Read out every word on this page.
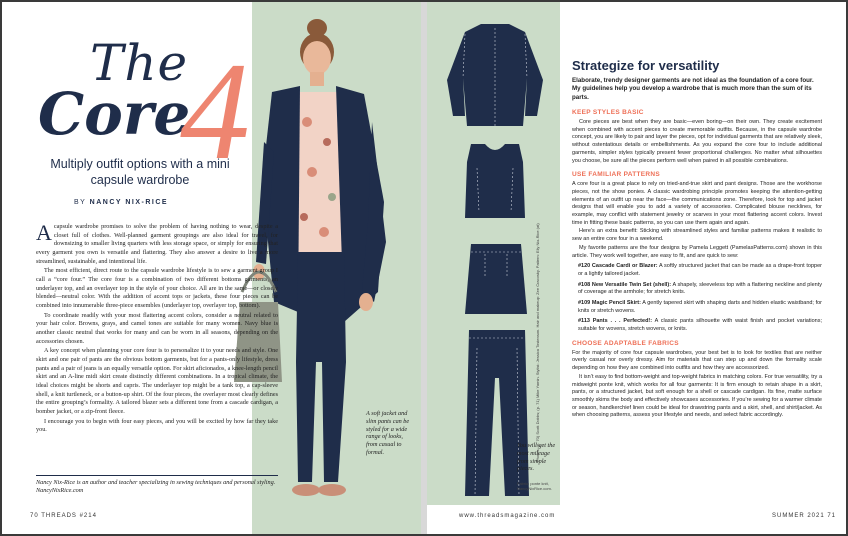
The
Core
4
Multiply outfit options with a mini capsule wardrobe
BY NANCY NIX-RICE

Acapsule wardrobe promises to solve the problem of having nothing to wear, despite a closet full of clothes. Well-planned garment groupings are also ideal for travel, for downsizing to smaller living quarters with less storage space, or simply for ensuring that every garment you own is versatile and flattering. They also answer a desire to live a more streamlined, sustainable, and intentional life.

The most efficient, direct route to the capsule wardrobe lifestyle is to sew a garment group I call a “core four.” The core four is a combination of two different bottoms garments, an underlayer top, and an overlayer top in the style of your choice. All are in the same—or closely blended—neutral color. With the addition of accent tops or jackets, these four pieces can be combined into innumerable three-piece ensembles (underlayer top, overlayer top, bottom).

To coordinate readily with your most flattering accent colors, consider a neutral related to your hair color. Browns, grays, and camel tones are suitable for many women. Navy blue is another classic neutral that works for many and can be worn in all seasons, depending on the accessories chosen.

A key concept when planning your core four is to personalize it to your needs and style. One skirt and one pair of pants are the obvious bottom garments, but for a pants-only lifestyle, dress pants and a pair of jeans is an equally versatile option. For skirt aficionados, a knee-length pencil skirt and an A-line midi skirt create distinctly different combinations. In a tropical climate, the ideal choices might be shorts and capris. The underlayer top might be a tank top, a cap-sleeve shell, a knit turtleneck, or a button-up shirt. Of the four pieces, the overlayer most clearly defines the entire grouping’s formality. A tailored blazer sets a different tone from a cascade cardigan, a bomber jacket, or a zip-front fleece.

I encourage you to begin with four easy pieces, and you will be excited by how far they take you.

Nancy Nix-Rice is an author and teacher specializing in sewing techniques and personal styling. NancyNixRice.com
A soft jacket and slim pants can be styled for a wide range of looks, from casual to formal.
70 THREADS #214
Photos: (p. 70) Scott Dobbs; (p. 71) Mike Yamin. Stylist: Jessica Tostenson. Hair and makeup: Zee Cracosky. Pattern: Elly Nix-Rice (at)
You will get the most mileage from simple pieces.
Fabric: ponte knit, NancyNixRice.com.
Strategize for versatility
Elaborate, trendy designer garments are not ideal as the foundation of a core four. My guidelines help you develop a wardrobe that is much more than the sum of its parts.
KEEP STYLES BASIC

Core pieces are best when they are basic—even boring—on their own. They create excitement when combined with accent pieces to create memorable outfits. Because, in the capsule wardrobe concept, you are likely to pair and layer the pieces, opt for individual garments that are relatively sleek, without ostentatious details or embellishments. As you expand the core four to include additional garments, simpler styles typically present fewer proportional challenges. No matter what silhouettes you choose, be sure all the pieces perform well when paired in all possible combinations.

USE FAMILIAR PATTERNS

A core four is a great place to rely on tried-and-true skirt and pant designs. Those are the workhorse pieces, not the show ponies. A classic wardrobing principle promotes keeping the attention-getting elements of an outfit up near the face—the communications zone. Therefore, look for top and jacket designs that will enable you to add a variety of accessories. Complicated blouse necklines, for example, may conflict with statement jewelry or scarves in your most flattering accent colors. Invest time in fitting these basic patterns, so you can use them again and again.

Here’s an extra benefit: Sticking with streamlined styles and familiar patterns makes it realistic to sew an entire core four in a weekend.

My favorite patterns are the four designs by Pamela Leggett (PamelasPatterns.com) shown in this article. They work well together, are easy to fit, and are quick to sew:

#120 Cascade Cardi or Blazer: A softly structured jacket that can be made as a drape-front topper or a lightly tailored jacket.

#108 New Versatile Twin Set (shell): A shapely, sleeveless top with a flattering neckline and plenty of coverage at the armhole; for stretch knits.

#109 Magic Pencil Skirt: A gently tapered skirt with shaping darts and hidden elastic waistband; for knits or stretch wovens.

#113 Pants . . . Perfected!: A classic pants silhouette with waist finish and pocket variations; suitable for wovens, stretch wovens, or knits.

CHOOSE ADAPTABLE FABRICS

For the majority of core four capsule wardrobes, your best bet is to look for textiles that are neither overly casual nor overly dressy. Aim for materials that can step up and down the formality scale depending on how they are combined into outfits and how they are accessorized.

It isn’t easy to find bottom-weight and top-weight fabrics in matching colors. For true versatility, try a midweight ponte knit, which works for all four garments: It is firm enough to retain shape in a skirt, pants, or a structured jacket, but soft enough for a shell or cascade cardigan. Its fine, matte surface smoothly skims the body and effectively showcases accessories. If you’re sewing for a warmer climate or season, handkerchief linen could be ideal for drawstring pants and a skirt, shell, and shirt/jacket. As when choosing patterns, assess your lifestyle and needs, and select fabric accordingly.

www.threadsmagazine.com	SUMMER 2021 71
